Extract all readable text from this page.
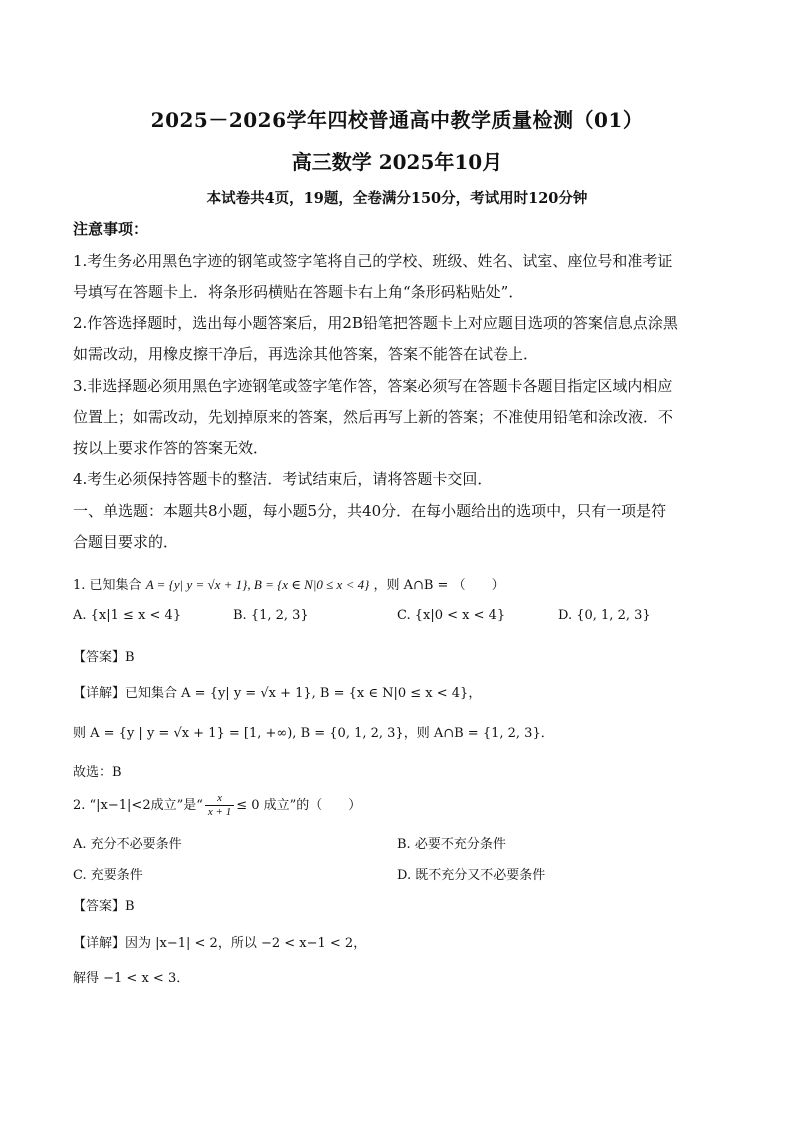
2025－2026学年四校普通高中教学质量检测（01）
高三数学 2025年10月
本试卷共4页，19题，全卷满分150分，考试用时120分钟
注意事项：
1.考生务必用黑色字迹的钢笔或签字笔将自己的学校、班级、姓名、试室、座位号和准考证
号填写在答题卡上．将条形码横贴在答题卡右上角“条形码粘贴处”．
2.作答选择题时，选出每小题答案后，用2B铅笔把答题卡上对应题目选项的答案信息点涂黑
如需改动，用橡皮擦干净后，再选涂其他答案，答案不能答在试卷上．
3.非选择题必须用黑色字迹钢笔或签字笔作答，答案必须写在答题卡各题目指定区域内相应
位置上；如需改动，先划掉原来的答案，然后再写上新的答案；不准使用铅笔和涂改液．不
按以上要求作答的答案无效．
4.考生必须保持答题卡的整洁．考试结束后，请将答题卡交回．
一、单选题：本题共8小题，每小题5分，共40分．在每小题给出的选项中，只有一项是符
合题目要求的．
1. 已知集合 A = {y| y = √x + 1}, B = {x ∈ N|0 ≤ x < 4} ，则 A∩B = （　　）
A. {x|1 ≤ x < 4}	B. {1, 2, 3}	C. {x|0 < x < 4}	D. {0, 1, 2, 3}
【答案】B
【详解】已知集合 A = {y| y = √x + 1}, B = {x ∈ N|0 ≤ x < 4}，
则 A = {y | y = √x + 1} = [1, +∞), B = {0, 1, 2, 3}，则 A∩B = {1, 2, 3}．
故选：B
2. “|x−1|<2成立”是“ $\frac{x}{x + 1} \le 0$ 成立”的（　　）
A. 充分不必要条件	B. 必要不充分条件
C. 充要条件	D. 既不充分又不必要条件
【答案】B
【详解】因为 |x−1| < 2，所以 −2 < x−1 < 2，
解得 −1 < x < 3．
